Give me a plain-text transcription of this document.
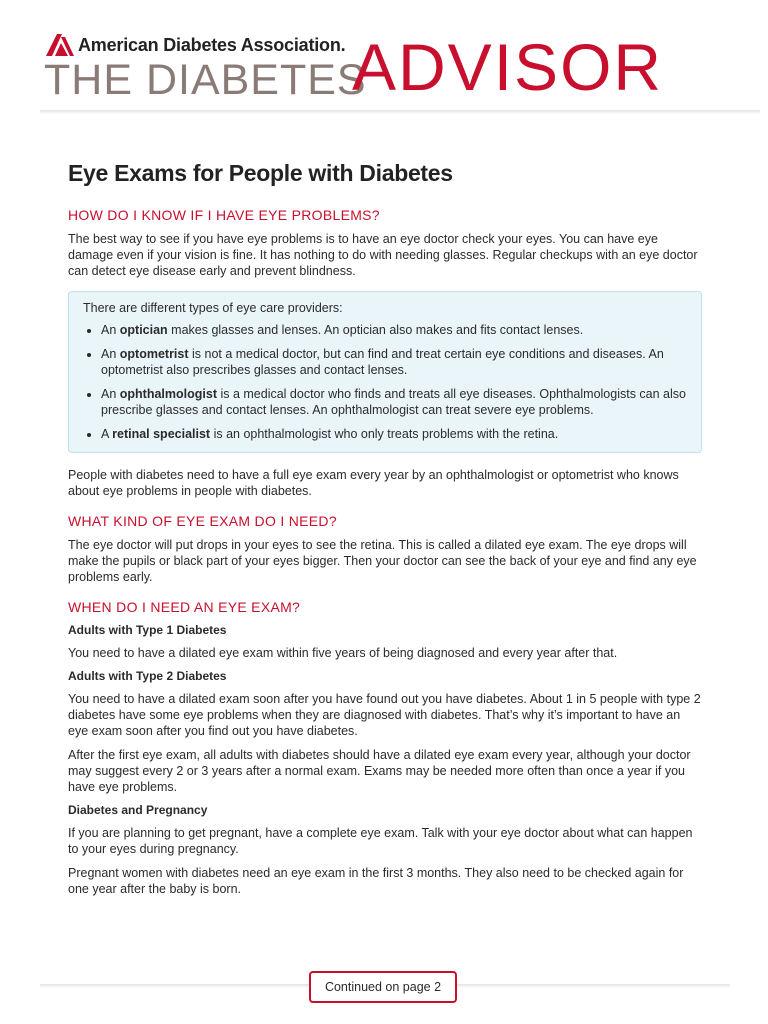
American Diabetes Association.
THE DIABETES
ADVISOR
Eye Exams for People with Diabetes
HOW DO I KNOW IF I HAVE EYE PROBLEMS?

The best way to see if you have eye problems is to have an eye doctor check your eyes. You can have eye damage even if your vision is fine. It has nothing to do with needing glasses. Regular checkups with an eye doctor can detect eye disease early and prevent blindness.

There are different types of eye care providers:

• An optician makes glasses and lenses. An optician also makes and fits contact lenses.
• An optometrist is not a medical doctor, but can find and treat certain eye conditions and diseases. An optometrist also prescribes glasses and contact lenses.
• An ophthalmologist is a medical doctor who finds and treats all eye diseases. Ophthalmologists can also prescribe glasses and contact lenses. An ophthalmologist can treat severe eye problems.
• A retinal specialist is an ophthalmologist who only treats problems with the retina.

People with diabetes need to have a full eye exam every year by an ophthalmologist or optometrist who knows about eye problems in people with diabetes.

WHAT KIND OF EYE EXAM DO I NEED?

The eye doctor will put drops in your eyes to see the retina. This is called a dilated eye exam. The eye drops will make the pupils or black part of your eyes bigger. Then your doctor can see the back of your eye and find any eye problems early.

WHEN DO I NEED AN EYE EXAM?
Adults with Type 1 Diabetes

You need to have a dilated eye exam within five years of being diagnosed and every year after that.

Adults with Type 2 Diabetes

You need to have a dilated exam soon after you have found out you have diabetes. About 1 in 5 people with type 2 diabetes have some eye problems when they are diagnosed with diabetes. That’s why it’s important to have an eye exam soon after you find out you have diabetes.

After the first eye exam, all adults with diabetes should have a dilated eye exam every year, although your doctor may suggest every 2 or 3 years after a normal exam. Exams may be needed more often than once a year if you have eye problems.

Diabetes and Pregnancy

If you are planning to get pregnant, have a complete eye exam. Talk with your eye doctor about what can happen to your eyes during pregnancy.

Pregnant women with diabetes need an eye exam in the first 3 months. They also need to be checked again for one year after the baby is born.

Continued on page 2
